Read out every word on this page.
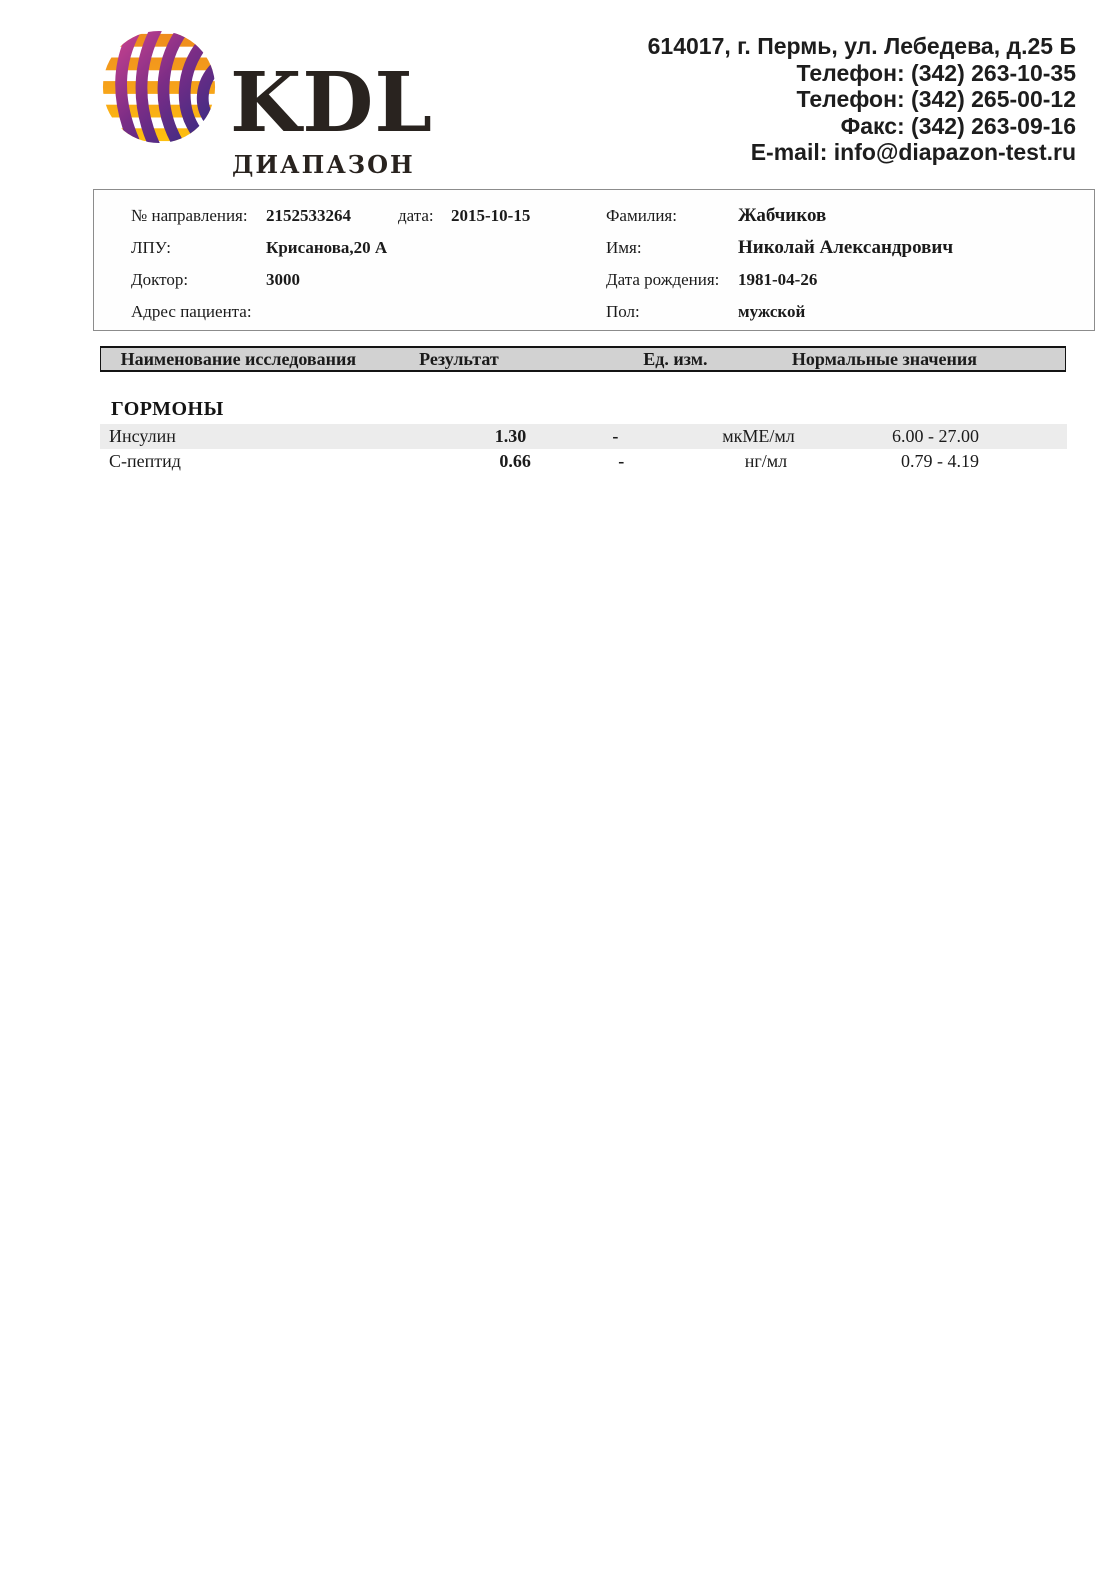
KDL
ДИАПАЗОН
614017, г. Пермь, ул. Лебедева, д.25 Б
Телефон: (342) 263-10-35
Телефон: (342) 265-00-12
Факс: (342) 263-09-16
E-mail: info@diapazon-test.ru
№ направления:	2152533264	дата:	2015-10-15
ЛПУ:	Крисанова,20 А
Доктор:	3000
Адрес пациента:
Фамилия:	Жабчиков
Имя:	Николай Александрович
Дата рождения:	1981-04-26
Пол:	мужской
Наименование исследования	Результат	Ед. изм.	Нормальные значения
ГОРМОНЫ
Инсулин	1.30	-	мкМЕ/мл	6.00 - 27.00
С-пептид	0.66	-	нг/мл	0.79 - 4.19
